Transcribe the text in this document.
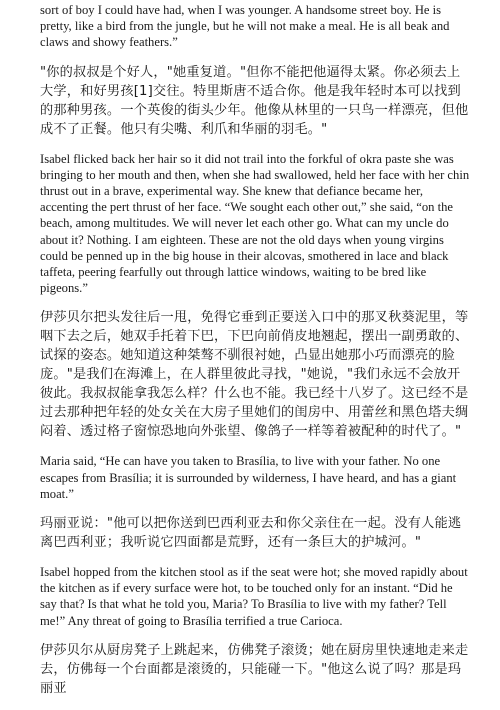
sort of boy I could have had, when I was younger. A handsome street boy. He is pretty, like a bird from the jungle, but he will not make a meal. He is all beak and claws and showy feathers.”

"你的叔叔是个好人，"她重复道。"但你不能把他逼得太紧。你必须去上大学，和好男孩[1]交往。特里斯唐不适合你。他是我年轻时本可以找到的那种男孩。一个英俊的街头少年。他像从林里的一只鸟一样漂亮，但他成不了正餐。他只有尖嘴、利爪和华丽的羽毛。"

Isabel flicked back her hair so it did not trail into the forkful of okra paste she was bringing to her mouth and then, when she had swallowed, held her face with her chin thrust out in a brave, experimental way. She knew that defiance became her, accenting the pert thrust of her face. “We sought each other out,” she said, “on the beach, among multitudes. We will never let each other go. What can my uncle do about it? Nothing. I am eighteen. These are not the old days when young virgins could be penned up in the big house in their alcovas, smothered in lace and black taffeta, peering fearfully out through lattice windows, waiting to be bred like pigeons.”

伊莎贝尔把头发往后一甩，免得它垂到正要送入口中的那叉秋葵泥里，等咽下去之后，她双手托着下巴，下巴向前俏皮地翘起，摆出一副勇敢的、试探的姿态。她知道这种桀骜不驯很衬她，凸显出她那小巧而漂亮的脸庞。"是我们在海滩上，在人群里彼此寻找，"她说，"我们永远不会放开彼此。我叔叔能拿我怎么样？什么也不能。我已经十八岁了。这已经不是过去那种把年轻的处女关在大房子里她们的闺房中、用蕾丝和黑色塔夫绸闷着、透过格子窗惊恐地向外张望、像鸽子一样等着被配种的时代了。"

Maria said, “He can have you taken to Brasília, to live with your father. No one escapes from Brasília; it is surrounded by wilderness, I have heard, and has a giant moat.”

玛丽亚说："他可以把你送到巴西利亚去和你父亲住在一起。没有人能逃离巴西利亚；我听说它四面都是荒野，还有一条巨大的护城河。"

Isabel hopped from the kitchen stool as if the seat were hot; she moved rapidly about the kitchen as if every surface were hot, to be touched only for an instant. “Did he say that? Is that what he told you, Maria? To Brasília to live with my father? Tell me!” Any threat of going to Brasília terrified a true Carioca.

伊莎贝尔从厨房凳子上跳起来，仿佛凳子滚烫；她在厨房里快速地走来走去，仿佛每一个台面都是滚烫的，只能碰一下。"他这么说了吗？那是玛丽亚
